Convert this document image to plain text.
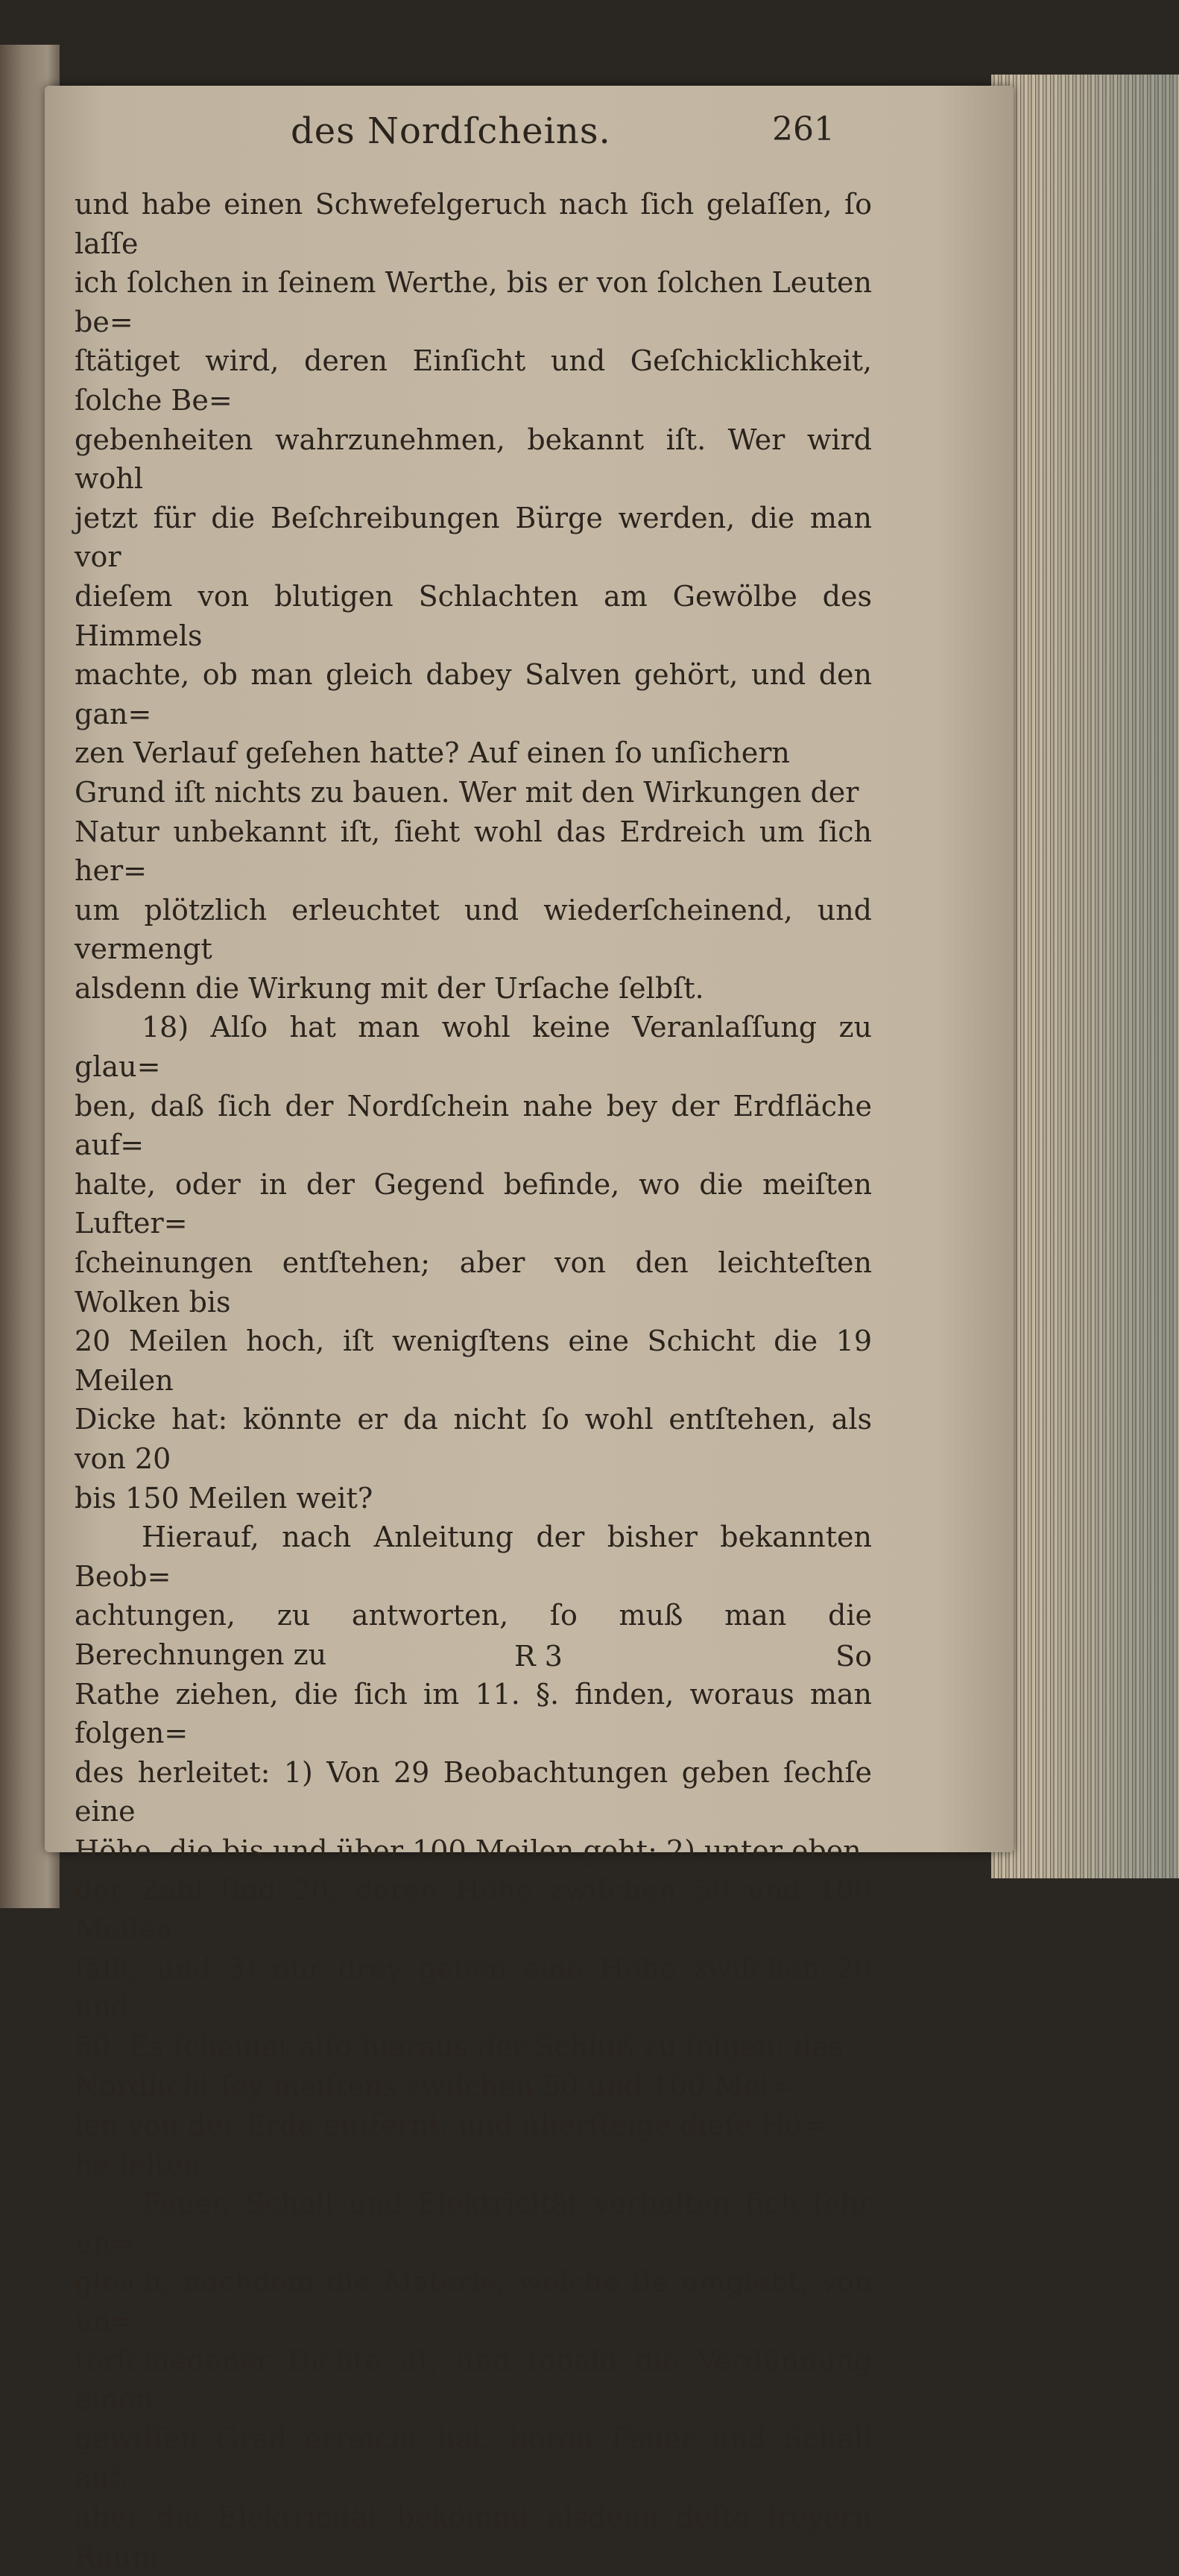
des Nordſcheins.	261

und habe einen Schwefelgeruch nach ſich gelaſſen, ſo laſſe
ich ſolchen in ſeinem Werthe, bis er von ſolchen Leuten be=
ſtätiget wird, deren Einſicht und Geſchicklichkeit, ſolche Be=
gebenheiten wahrzunehmen, bekannt iſt. Wer wird wohl
jetzt für die Beſchreibungen Bürge werden, die man vor
dieſem von blutigen Schlachten am Gewölbe des Himmels
machte, ob man gleich dabey Salven gehört, und den gan=
zen Verlauf geſehen hatte? Auf einen ſo unſichern
Grund iſt nichts zu bauen. Wer mit den Wirkungen der
Natur unbekannt iſt, ſieht wohl das Erdreich um ſich her=
um plötzlich erleuchtet und wiederſcheinend, und vermengt
alsdenn die Wirkung mit der Urſache ſelbſt.

18) Alſo hat man wohl keine Veranlaſſung zu glau=
ben, daß ſich der Nordſchein nahe bey der Erdfläche auf=
halte, oder in der Gegend befinde, wo die meiſten Lufter=
ſcheinungen entſtehen; aber von den leichteſten Wolken bis
20 Meilen hoch, iſt wenigſtens eine Schicht die 19 Meilen
Dicke hat: könnte er da nicht ſo wohl entſtehen, als von 20
bis 150 Meilen weit?

Hierauf, nach Anleitung der bisher bekannten Beob=
achtungen, zu antworten, ſo muß man die Berechnungen zu
Rathe ziehen, die ſich im 11. §. finden, woraus man folgen=
des herleitet: 1) Von 29 Beobachtungen geben ſechſe eine
Höhe, die bis und über 100 Meilen geht; 2) unter eben
der Zahl ſind 20, deren Höhe zwiſchen 50 und 100 Meilen
fällt, und 3) nur drey geben eine Höhe zwiſchen 20 und
50. Es ſcheinet alſo hieraus der Schluß zu folgen: das
Nordlicht ſey meiſtens zwiſchen 50 und 100 Mei=
len von der Erde entfernt, und überſteige dieſe Hö=
he ſelten.

Feuer, Schall und Elektricität verhalten ſich ſehr un=
gleich, nachdem die Materie, welche ſie umgiebt, von un=
terſchiedener Dichte iſt, und ſobald die Verdünnung einen
gewiſſen Grad erreicht hat, hören Feuer und Schall auf,
aber die Elektricität bekömmt alsdenn deſto freyern Raum.

R 3	So
